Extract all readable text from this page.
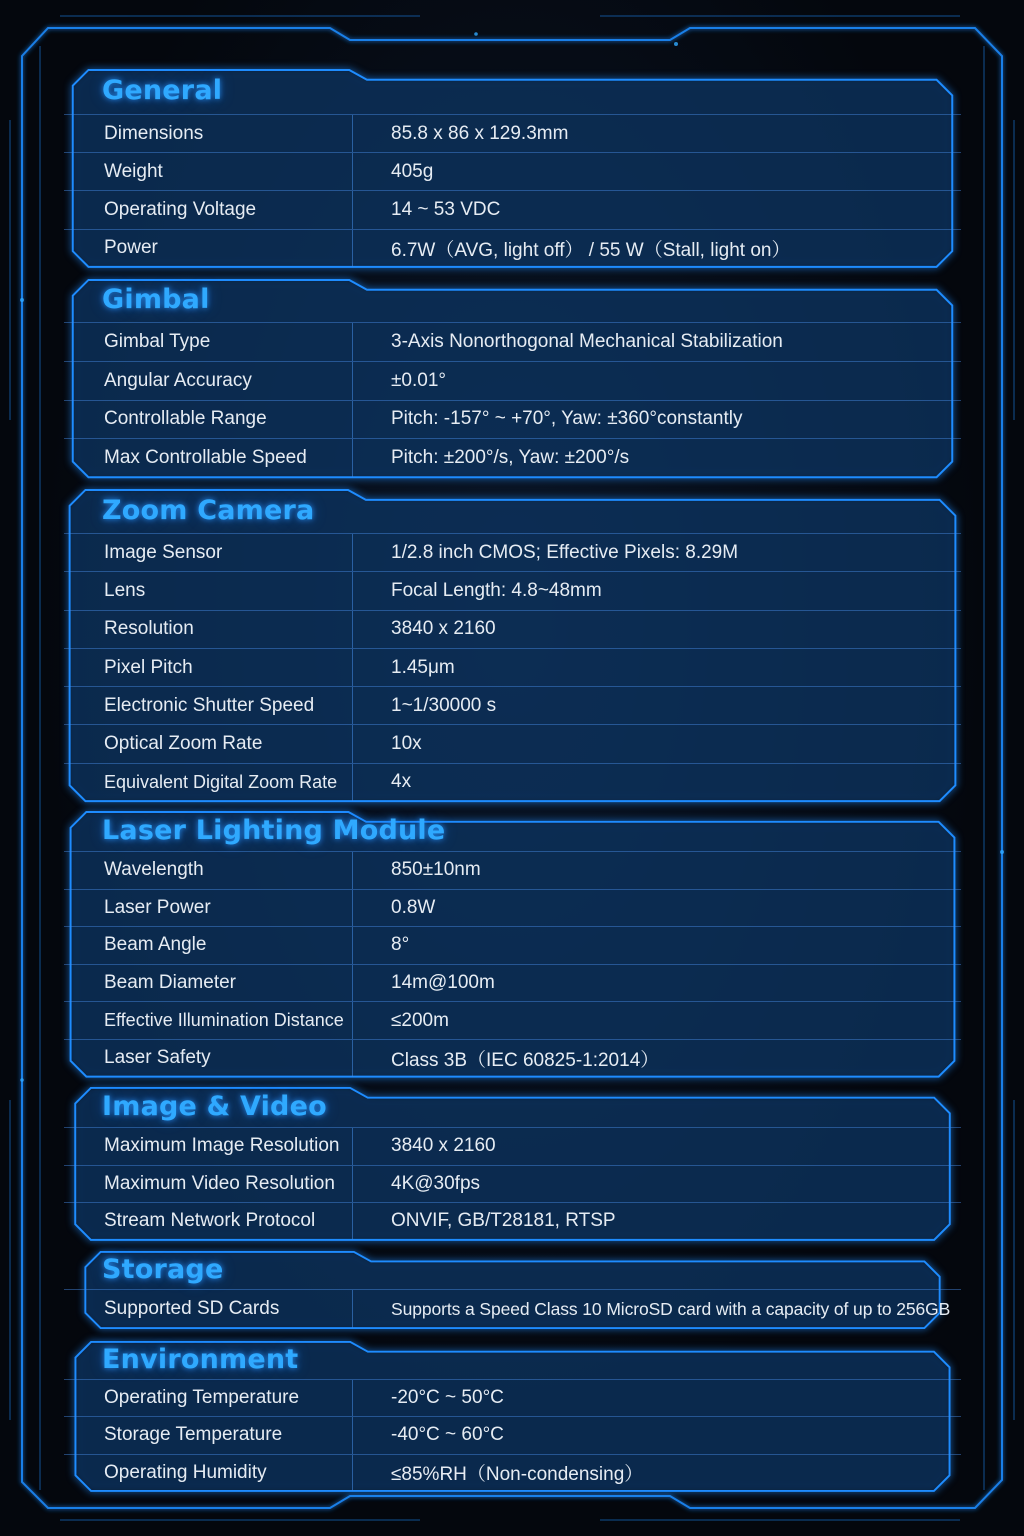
General
Dimensions	85.8 x 86 x 129.3mm
Weight	405g
Operating Voltage	14 ~ 53 VDC
Power	6.7W（AVG, light off） / 55 W（Stall, light on）
Gimbal
Gimbal Type	3-Axis Nonorthogonal Mechanical Stabilization
Angular Accuracy	±0.01°
Controllable Range	Pitch: -157° ~ +70°, Yaw: ±360°constantly
Max Controllable Speed	Pitch: ±200°/s, Yaw: ±200°/s
Zoom Camera
Image Sensor	1/2.8 inch CMOS; Effective Pixels: 8.29M
Lens	Focal Length: 4.8~48mm
Resolution	3840 x 2160
Pixel Pitch	1.45μm
Electronic Shutter Speed	1~1/30000 s
Optical Zoom Rate	10x
Equivalent Digital Zoom Rate	4x
Laser Lighting Module
Wavelength	850±10nm
Laser Power	0.8W
Beam Angle	8°
Beam Diameter	14m@100m
Effective Illumination Distance	≤200m
Laser Safety	Class 3B（IEC 60825-1:2014）
Image & Video
Maximum Image Resolution	3840 x 2160
Maximum Video Resolution	4K@30fps
Stream Network Protocol	ONVIF, GB/T28181, RTSP
Storage
Supported SD Cards	Supports a Speed Class 10 MicroSD card with a capacity of up to 256GB
Environment
Operating Temperature	-20°C ~ 50°C
Storage Temperature	-40°C ~ 60°C
Operating Humidity	≤85%RH（Non-condensing）
